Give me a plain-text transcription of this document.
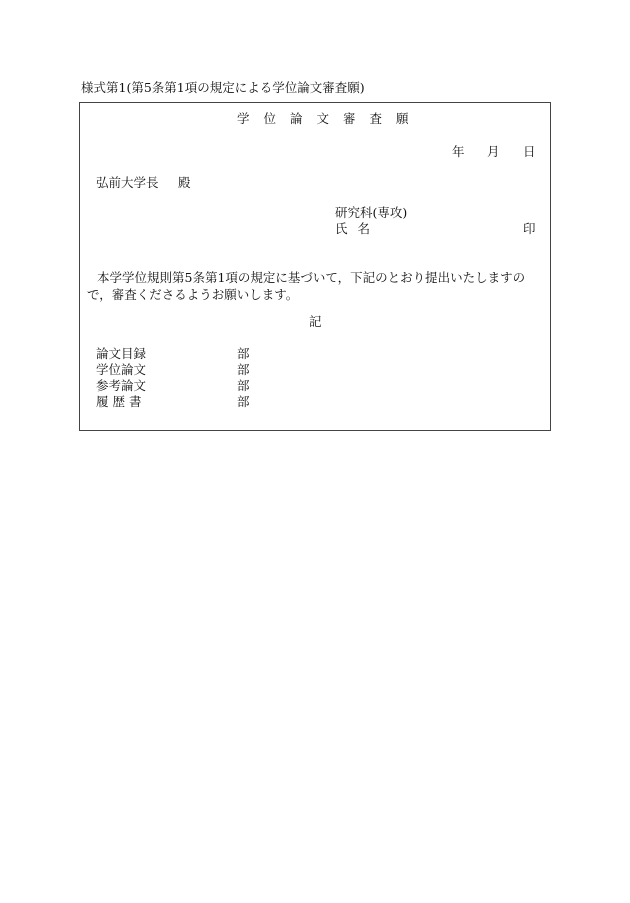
様式第1(第5条第1項の規定による学位論文審査願)
学位論文審査願
年 月 日
弘前大学長 殿
研究科(専攻)
氏名	印
本学学位規則第5条第1項の規定に基づいて，下記のとおり提出いたしますので，審査くださるようお願いします。
記
論文目録	部
学位論文	部
参考論文	部
履歴書	部
